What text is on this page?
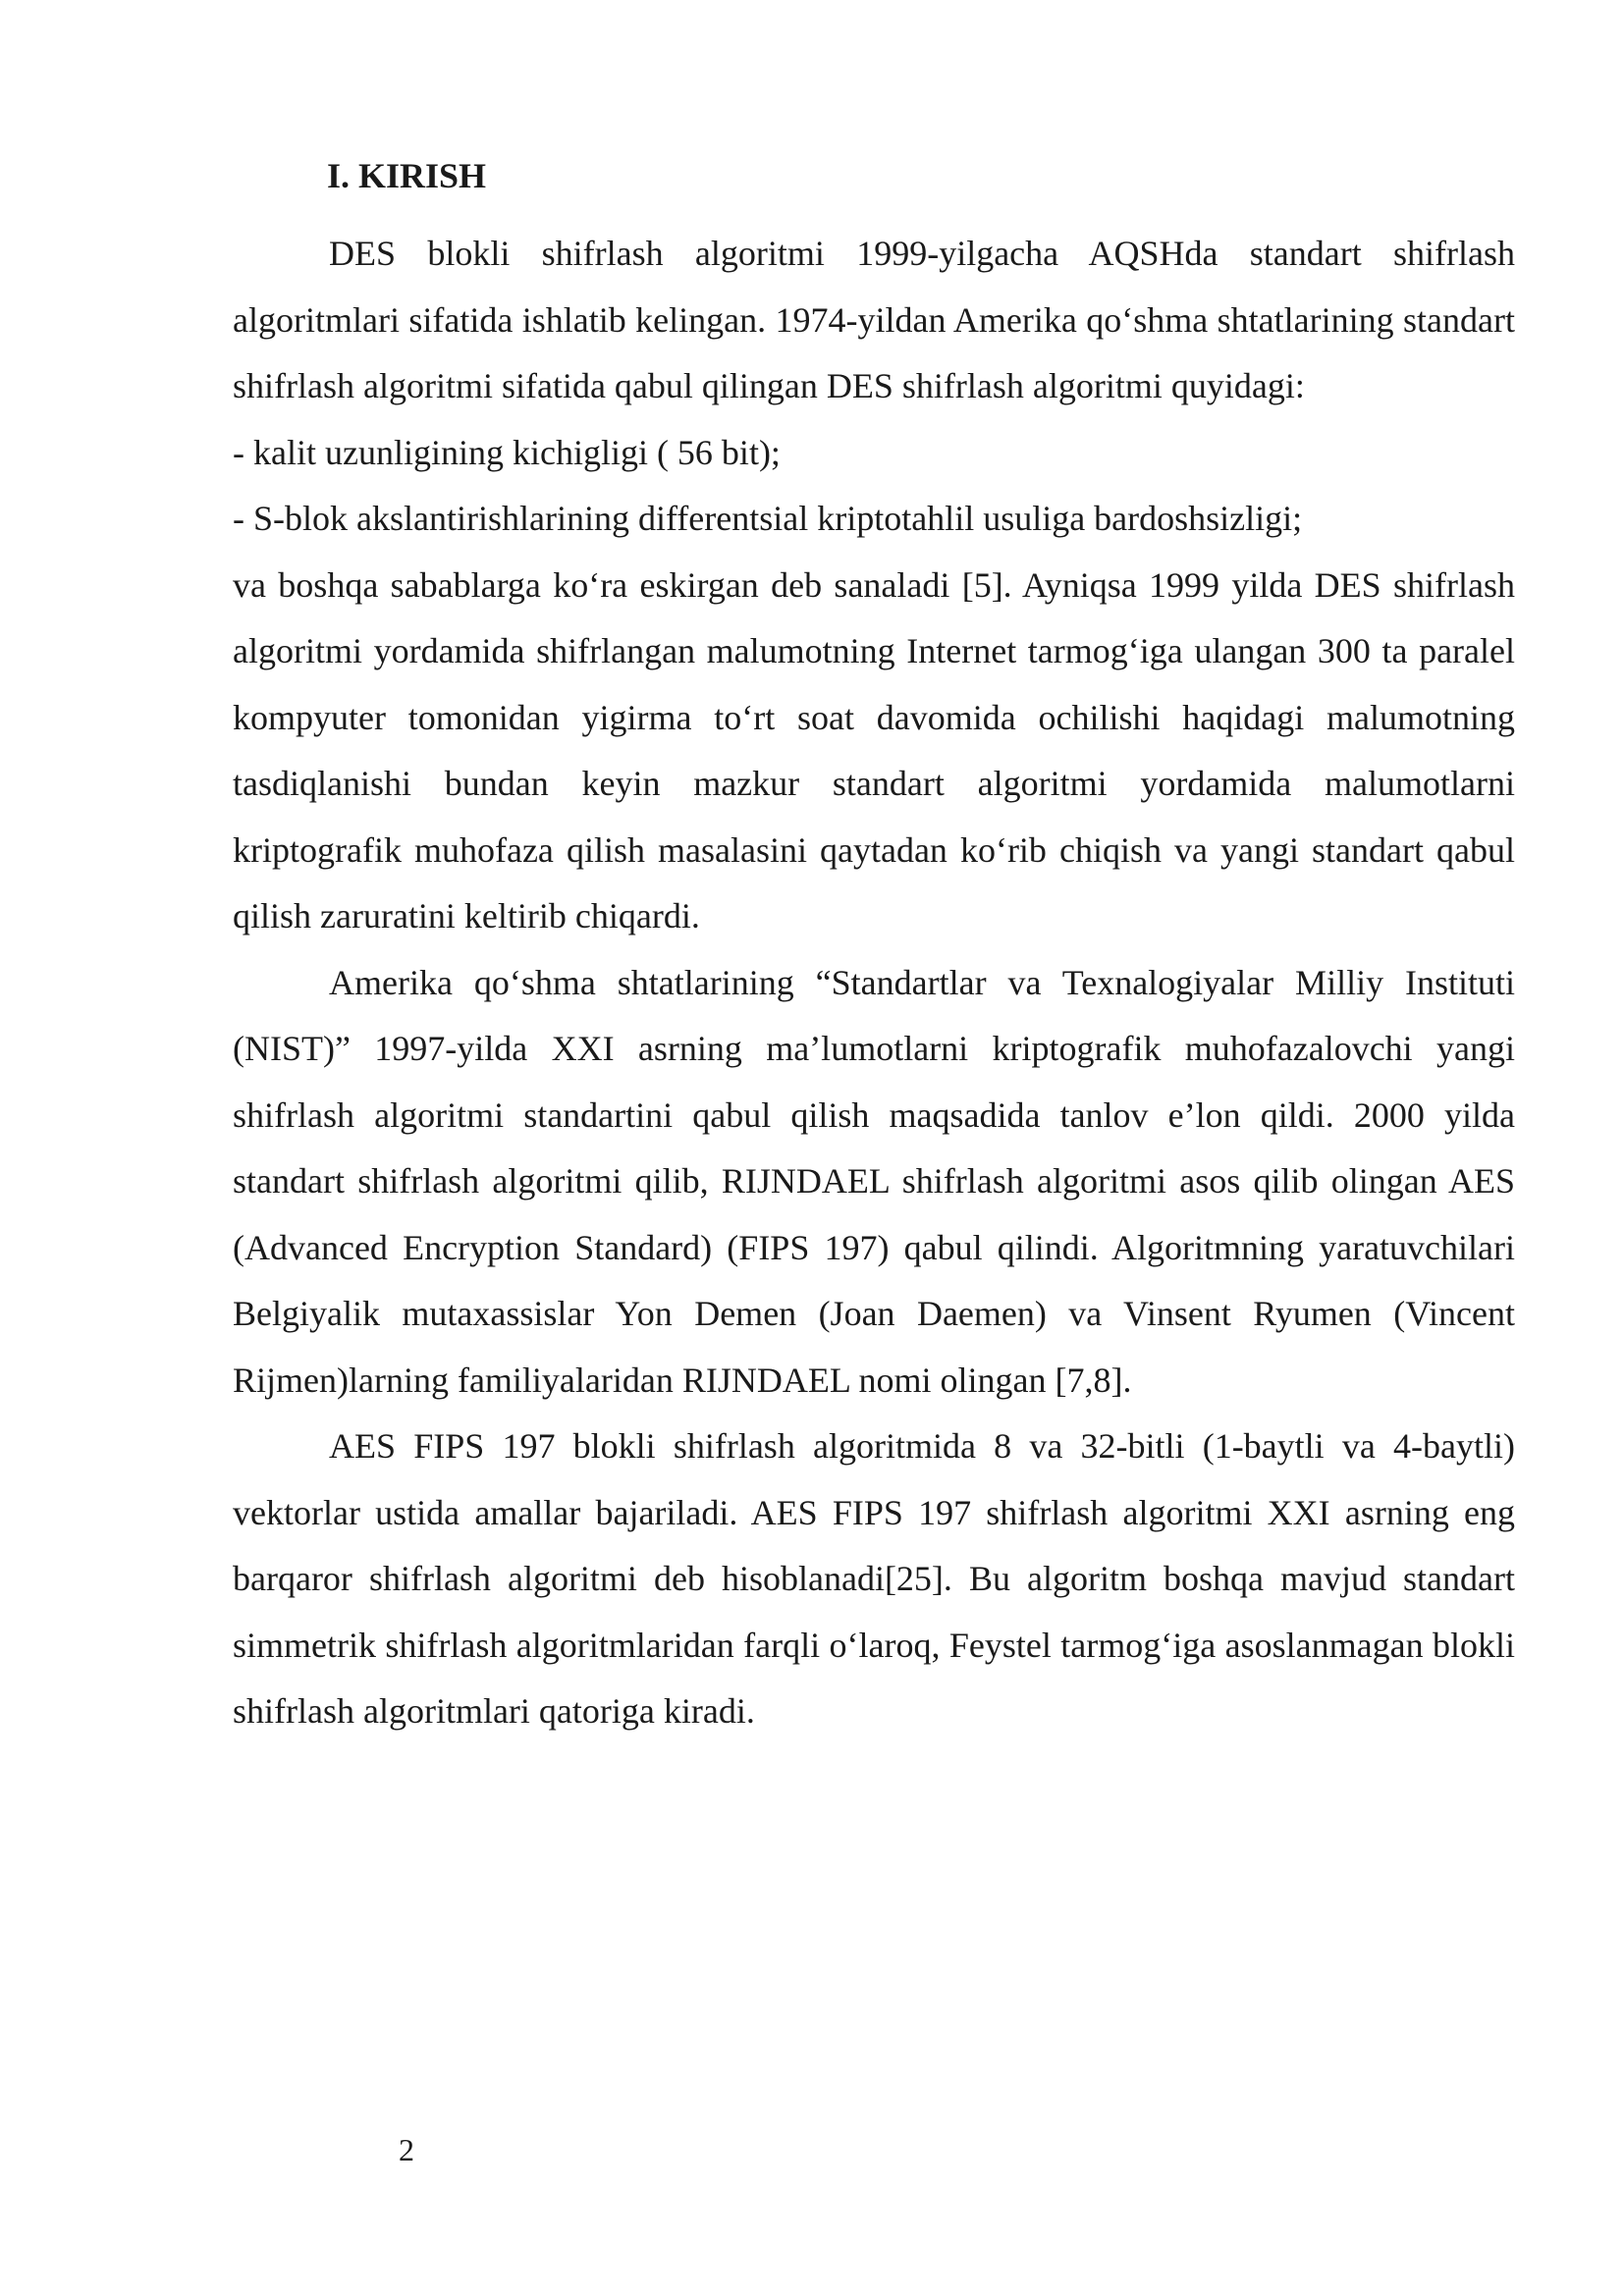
I. KIRISH

DES blokli shifrlash algoritmi 1999-yilgacha AQSHda standart shifrlash algoritmlari sifatida ishlatib kelingan. 1974-yildan Amerika qo‘shma shtatlarining standart shifrlash algoritmi sifatida qabul qilingan DES shifrlash algoritmi quyidagi:

- kalit uzunligining kichigligi ( 56 bit);

- S-blok akslantirishlarining differentsial kriptotahlil usuliga bardoshsizligi;

va boshqa sabablarga ko‘ra eskirgan deb sanaladi [5]. Ayniqsa 1999 yilda DES shifrlash algoritmi yordamida shifrlangan malumotning Internet tarmog‘iga ulangan 300 ta paralel kompyuter tomonidan yigirma to‘rt soat davomida ochilishi haqidagi malumotning tasdiqlanishi bundan keyin mazkur standart algoritmi yordamida malumotlarni kriptografik muhofaza qilish masalasini qaytadan ko‘rib chiqish va yangi standart qabul qilish zaruratini keltirib chiqardi.

Amerika qo‘shma shtatlarining “Standartlar va Texnalogiyalar Milliy Instituti (NIST)” 1997-yilda XXI asrning ma’lumotlarni kriptografik muhofazalovchi yangi shifrlash algoritmi standartini qabul qilish maqsadida tanlov e’lon qildi. 2000 yilda standart shifrlash algoritmi qilib, RIJNDAEL shifrlash algoritmi asos qilib olingan AES (Advanced Encryption Standard) (FIPS 197) qabul qilindi. Algoritmning yaratuvchilari Belgiyalik mutaxassislar Yon Demen (Joan Daemen) va Vinsent Ryumen (Vincent Rijmen)larning familiyalaridan RIJNDAEL nomi olingan [7,8].

AES FIPS 197 blokli shifrlash algoritmida 8 va 32-bitli (1-baytli va 4-baytli) vektorlar ustida amallar bajariladi. AES FIPS 197 shifrlash algoritmi XXI asrning eng barqaror shifrlash algoritmi deb hisoblanadi[25]. Bu algoritm boshqa mavjud standart simmetrik shifrlash algoritmlaridan farqli o‘laroq, Feystel tarmog‘iga asoslanmagan blokli shifrlash algoritmlari qatoriga kiradi.

2
